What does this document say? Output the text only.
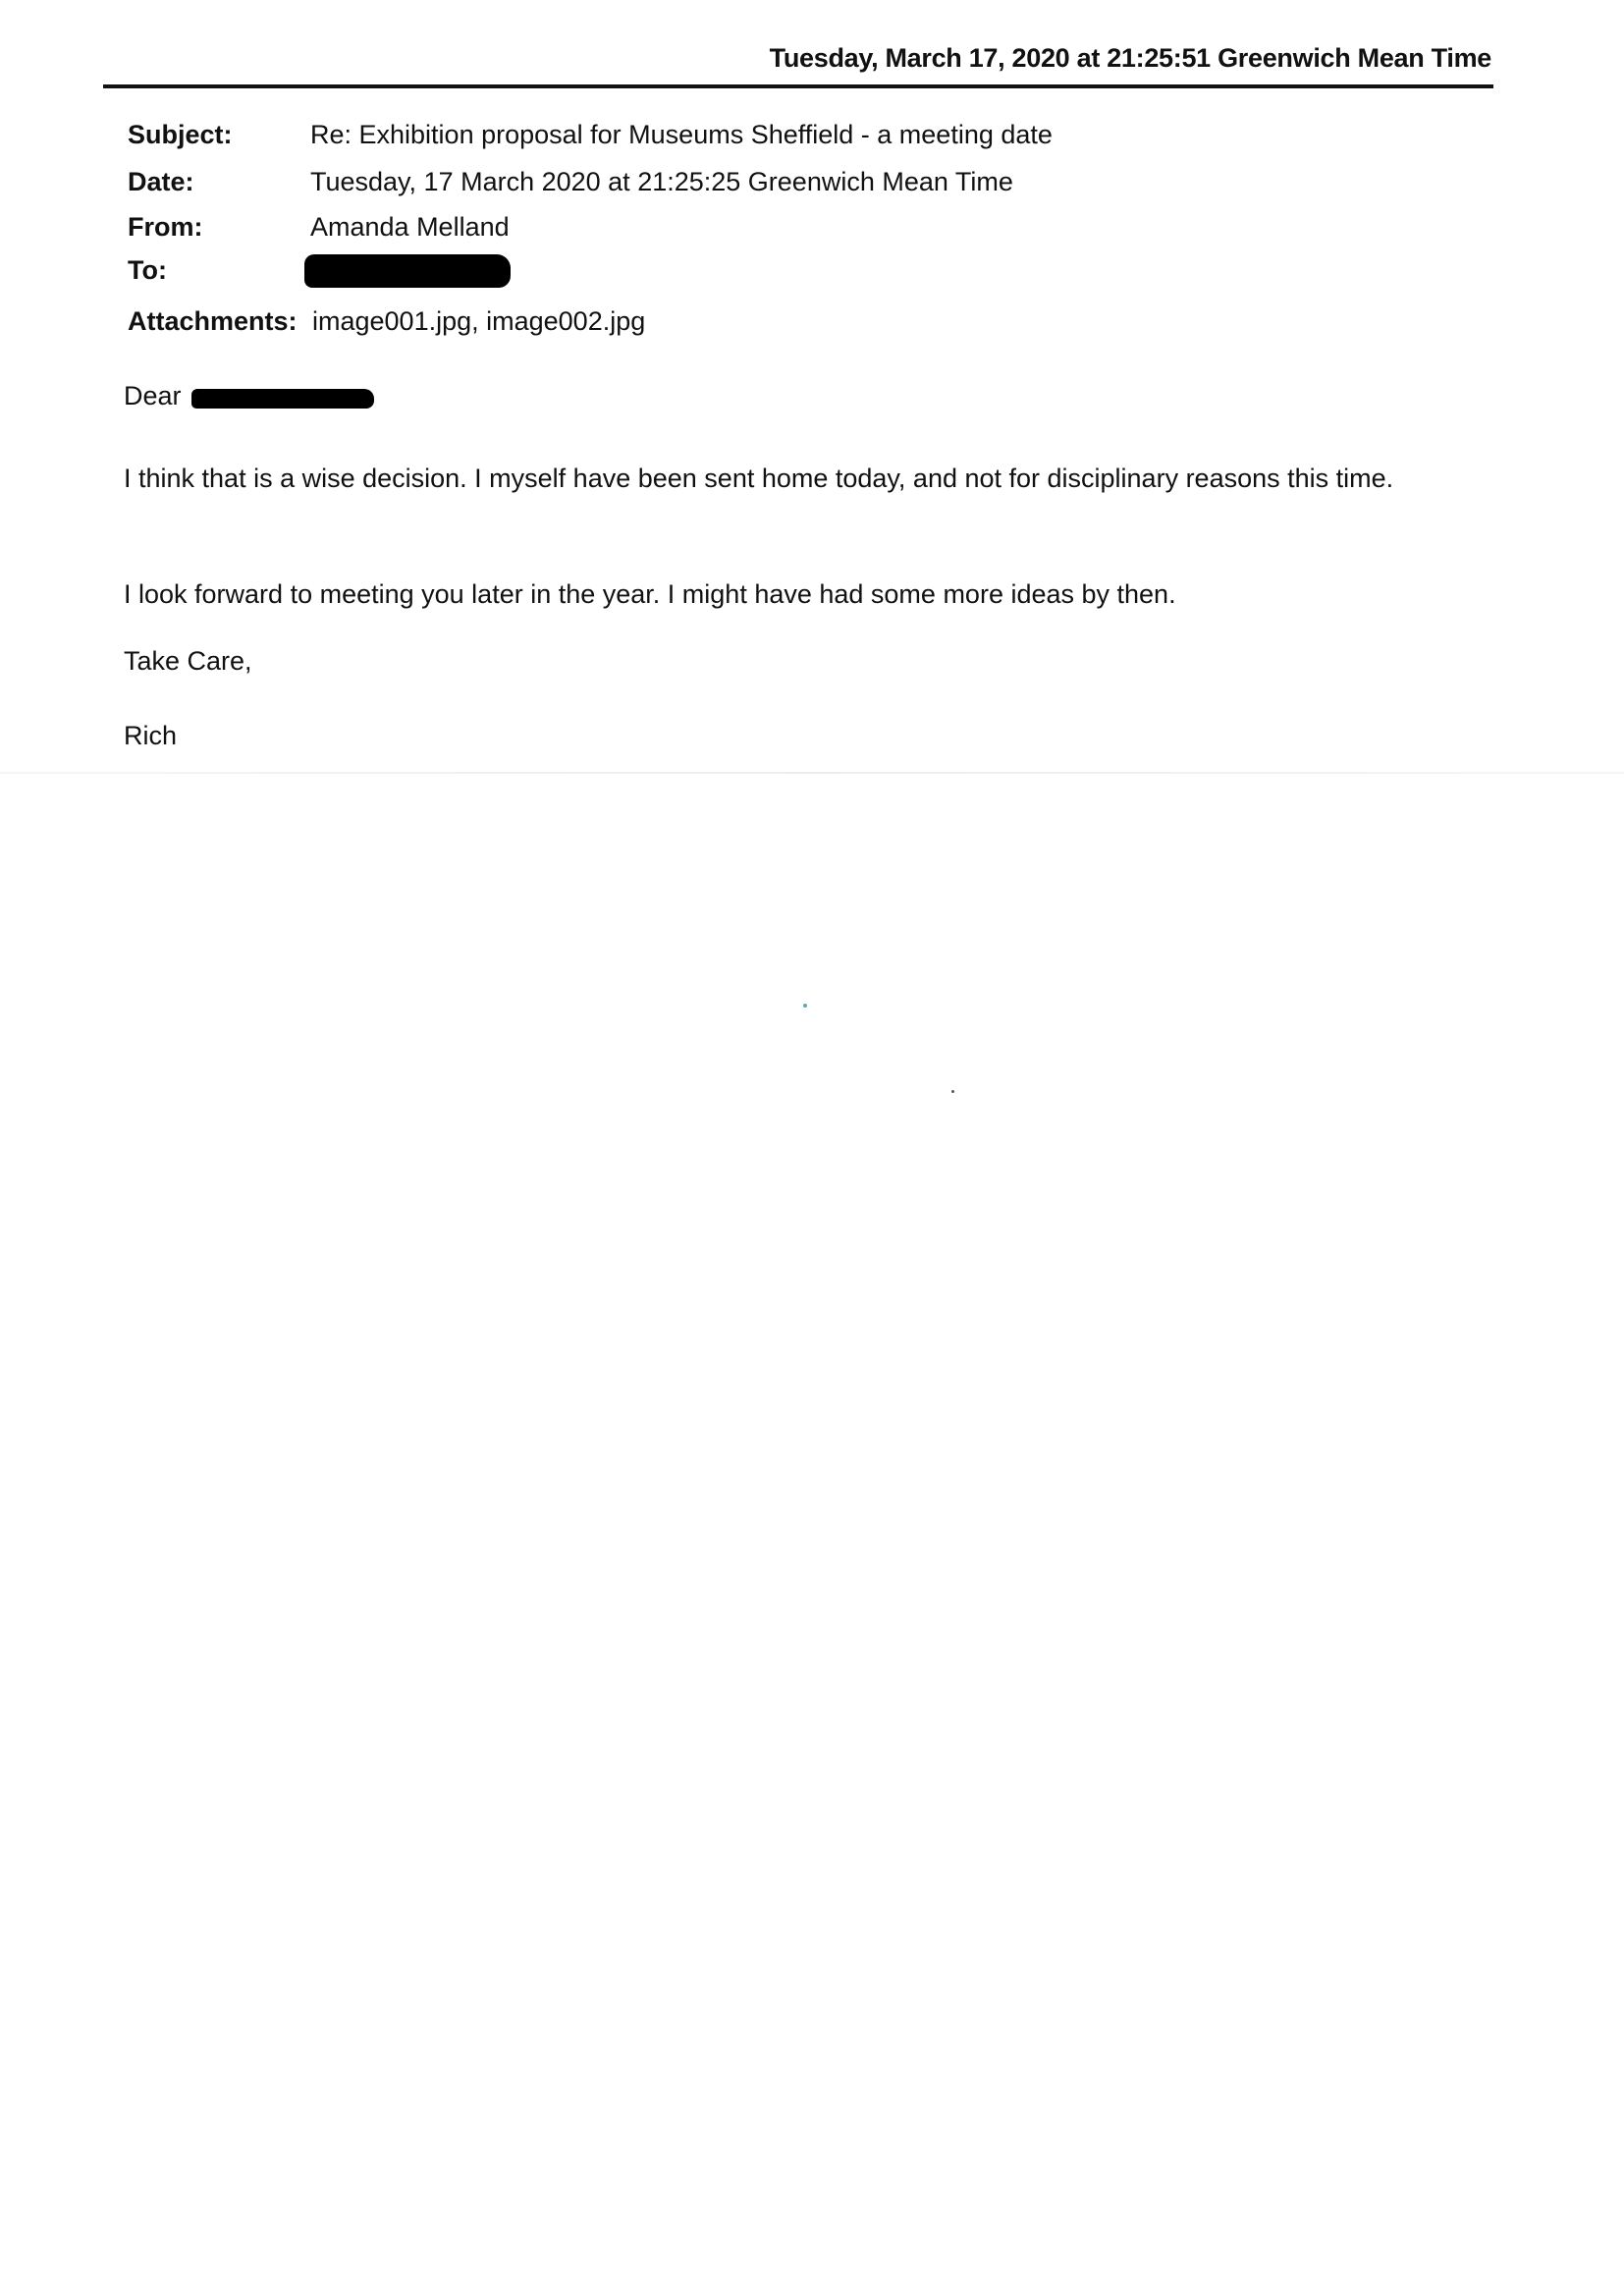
Tuesday, March 17, 2020 at 21:25:51 Greenwich Mean Time
Subject:	Re: Exhibition proposal for Museums Sheffield - a meeting date
Date:	Tuesday, 17 March 2020 at 21:25:25 Greenwich Mean Time
From:	Amanda Melland
To:
Attachments: image001.jpg, image002.jpg
Dear
I think that is a wise decision. I myself have been sent home today, and not for disciplinary reasons this time.
I look forward to meeting you later in the year. I might have had some more ideas by then.
Take Care,
Rich
